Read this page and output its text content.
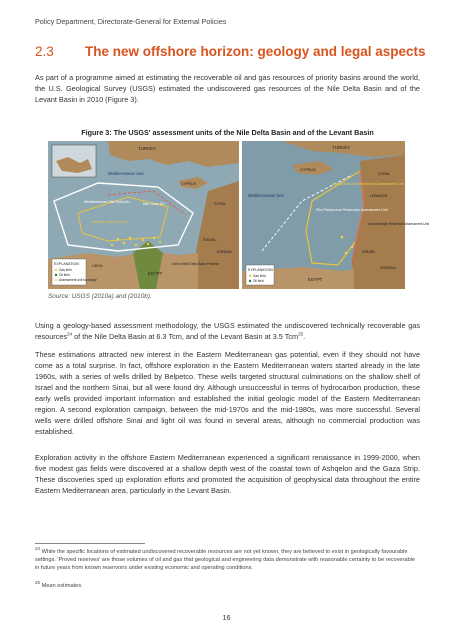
Policy Department, Directorate-General for External Policies
2.3 The new offshore horizon: geology and legal aspects

As part of a programme aimed at estimating the recoverable oil and gas resources of priority basins around the world, the U.S. Geological Survey (USGS) estimated the undiscovered gas resources of the Nile Delta Basin and of the Levant Basin in 2010 (Figure 3).

Figure 3: The USGS' assessment units of the Nile Delta Basin and of the Levant Basin
EXPLANATION
Gas field
Oil field
Assessment unit boundary
TURKEY
Mediterranean Sea
Mediterranean Nile Delta AU	Nile Cone AU
Western Nile Delta AU
CYPRUS
SYRIA
ISRAEL
JORDAN
EGYPT
LIBYA	Limit of Nile Delta Basin Province
EXPLANATION
Gas field
Oil field
TURKEY
CYPRUS
Mediterranean Sea
Levant Sub-Salt Reservoirs Assessment Unit
Plio-Pleistocene Reservoirs Assessment Unit
SYRIA
LEBANON
Levant Margin Reservoirs Assessment Unit
ISRAEL
JORDAN
EGYPT
Source: USGS (2010a) and (2010b).

Using a geology-based assessment methodology, the USGS estimated the undiscovered technically recoverable gas resources$^{24}$ of the Nile Delta Basin at 6.3 Tcm, and of the Levant Basin at 3.5 Tcm$^{25}$.

These estimations attracted new interest in the Eastern Mediterranean gas potential, even if they should not have come as a total surprise. In fact, offshore exploration in the Eastern Mediterranean waters started already in the late 1960s, with a series of wells drilled by Belpetco. These wells targeted structural culminations on the shallow shelf of Israel and the northern Sinai, but all were found dry. Although unsuccessful in terms of hydrocarbon production, these early wells provided important information and established the initial geologic model of the Eastern Mediterranean region. A second exploration campaign, between the mid-1970s and the mid-1980s, was more successful. Several wells were drilled offshore Sinai and light oil was found in several areas, although no commercial production was established.

Exploration activity in the offshore Eastern Mediterranean experienced a significant renaissance in 1999-2000, when five modest gas fields were discovered at a shallow depth west of the coastal town of Ashqelon and the Gaza Strip. These discoveries sped up exploration efforts and promoted the acquisition of geophysical data throughout the entire Eastern Mediterranean area, particularly in the Levant Basin.

$^{24}$ While the specific locations of estimated undiscovered recoverable resources are not yet known, they are believed to exist in geologically favourable settings. 'Proved reserves' are those volumes of oil and gas that geological and engineering data demonstrate with reasonable certainty to be recoverable in future years from known reservoirs under existing economic and operating conditions.

$^{25}$ Mean estimates.

16
